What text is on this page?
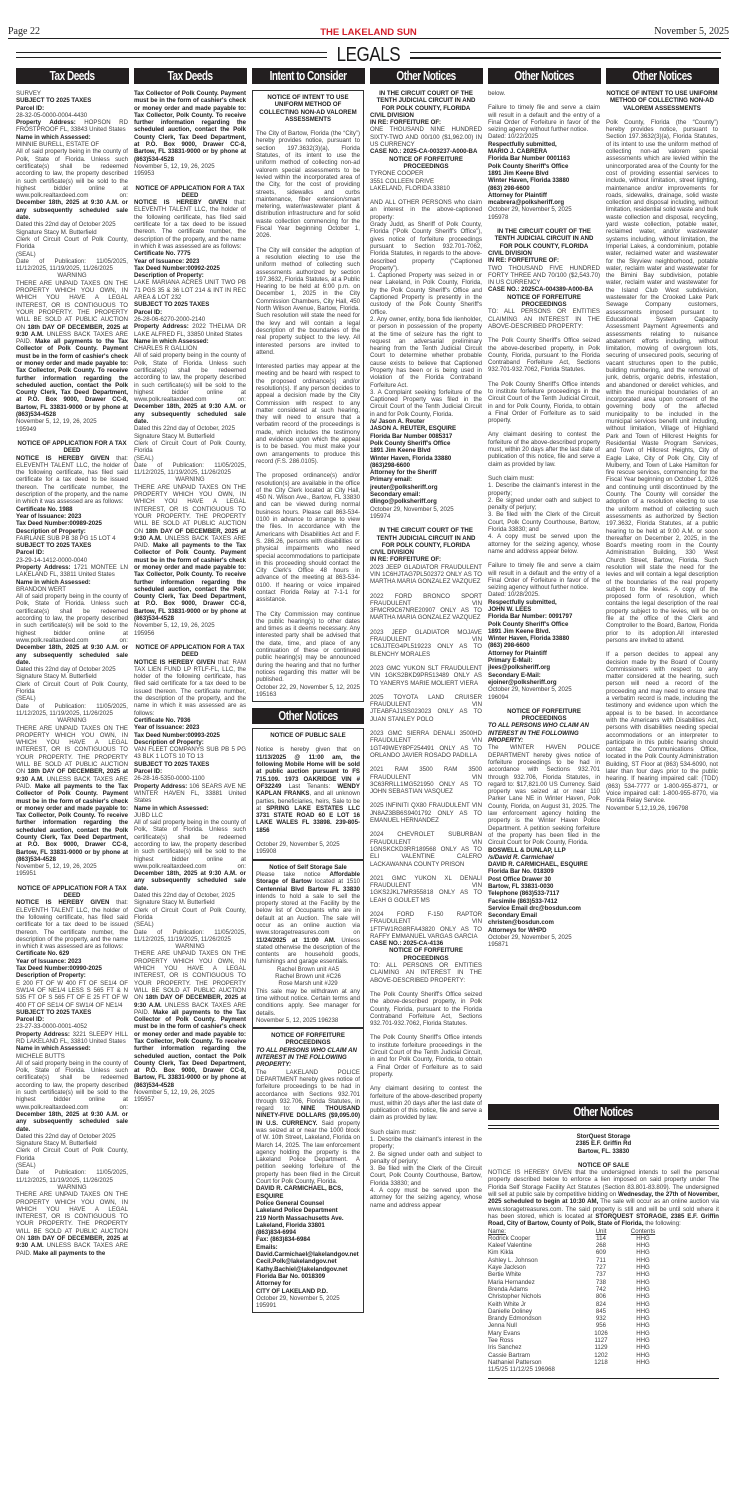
Page 22	THE LAKELAND SUN	November 5, 2025
LEGALS
Tax Deeds	Tax Deeds	Intent to Consider	Other Notices	Other Notices	Other Notices
SURVEY
SUBJECT TO 2025 TAXES
Parcel ID:
28-32-05-0000-0004-4430
Property Address: HOPSON RD FROSTPROOF FL, 33843 United States
Name in which Assessed:
MINNIE BURELL, ESTATE OF
All of said property being in the county of Polk, State of Florida. Unless such certificate(s) shall be redeemed according to law, the property described in such certificate(s) will be sold to the highest bidder online at www.polk.realtaxdeed.com on: December 18th, 2025 at 9:30 A.M. or any subsequently scheduled sale date.
Dated this 22nd day of October 2025
Signature Stacy M. Butterfield
Clerk of Circuit Court of Polk County, Florida
(SEAL)
Date of Publication: 11/05/2025, 11/12/2025, 11/19/2025, 11/26/2025
WARNING
THERE ARE UNPAID TAXES ON THE PROPERTY WHICH YOU OWN, IN WHICH YOU HAVE A LEGAL INTEREST, OR IS CONTIGUOUS TO YOUR PROPERTY. THE PROPERTY WILL BE SOLD AT PUBLIC AUCTION ON 18th DAY OF DECEMBER, 2025 at 9:30 A.M. UNLESS BACK TAXES ARE PAID. Make all payments to the Tax Collector of Polk County. Payment must be in the form of cashier's check or money order and made payable to: Tax Collector, Polk County. To receive further information regarding the scheduled auction, contact the Polk County Clerk, Tax Deed Department, at P.O. Box 9000, Drawer CC-8, Bartow, FL 33831-9000 or by phone at (863)534-4528
November 5, 12, 19, 26, 2025
195949
NOTICE OF APPLICATION FOR A TAX DEED
NOTICE IS HEREBY GIVEN that: ELEVENTH TALENT LLC, the holder of the following certificate, has filed said certificate for a tax deed to be issued thereon. The certificate number, the description of the property, and the name in which it was assessed are as follows:
Certificate No. 1988
Year of Issuance: 2023
Tax Deed Number:00989-2025
Description of Property:
FAIRLANE SUB PB 38 PG 15 LOT 4
SUBJECT TO 2025 TAXES
Parcel ID:
23-29-14-1412-0000-0040
Property Address: 1721 MONTEE LN LAKELAND FL, 33811 United States
Name in which Assessed:
BRANDON WERT
All of said property being in the county of Polk, State of Florida. Unless such certificate(s) shall be redeemed according to law, the property described in such certificate(s) will be sold to the highest bidder online at www.polk.realtaxdeed.com on: December 18th, 2025 at 9:30 A.M. or any subsequently scheduled sale date.
Dated this 22nd day of October 2025
Signature Stacy M. Butterfield
Clerk of Circuit Court of Polk County, Florida
(SEAL)
Date of Publication: 11/05/2025, 11/12/2025, 11/19/2025, 11/26/2025
WARNING
THERE ARE UNPAID TAXES ON THE PROPERTY WHICH YOU OWN, IN WHICH YOU HAVE A LEGAL INTEREST, OR IS CONTIGUOUS TO YOUR PROPERTY. THE PROPERTY WILL BE SOLD AT PUBLIC AUCTION ON 18th DAY OF DECEMBER, 2025 at 9:30 A.M. UNLESS BACK TAXES ARE PAID. Make all payments to the Tax Collector of Polk County. Payment must be in the form of cashier's check or money order and made payable to: Tax Collector, Polk County. To receive further information regarding the scheduled auction, contact the Polk County Clerk, Tax Deed Department, at P.O. Box 9000, Drawer CC-8, Bartow, FL 33831-9000 or by phone at (863)534-4528
November 5, 12, 19, 26, 2025
195951
NOTICE OF APPLICATION FOR A TAX DEED
NOTICE IS HEREBY GIVEN that: ELEVENTH TALENT LLC, the holder of the following certificate, has filed said certificate for a tax deed to be issued thereon. The certificate number, the description of the property, and the name in which it was assessed are as follows:
Certificate No. 629
Year of Issuance: 2023
Tax Deed Number:00990-2025
Description of Property:
E 200 FT OF W 400 FT OF SE1/4 OF SW1/4 OF NE1/4 LESS S 565 FT & N 535 FT OF S 565 FT OF E 25 FT OF W 400 FT OF SE1/4 OF SW1/4 OF NE1/4
SUBJECT TO 2025 TAXES
Parcel ID:
23-27-33-0000-0001-4052
Property Address: 3221 SLEEPY HILL RD LAKELAND FL, 33810 United States
Name in which Assessed:
MICHELE BUTTS
All of said property being in the county of Polk, State of Florida. Unless such certificate(s) shall be redeemed according to law, the property described in such certificate(s) will be sold to the highest bidder online at www.polk.realtaxdeed.com on: December 18th, 2025 at 9:30 A.M. or any subsequently scheduled sale date.
Dated this 22nd day of October 2025
Signature Stacy M. Butterfield
Clerk of Circuit Court of Polk County, Florida
(SEAL)
Date of Publication: 11/05/2025, 11/12/2025, 11/19/2025, 11/26/2025
WARNING
THERE ARE UNPAID TAXES ON THE PROPERTY WHICH YOU OWN, IN WHICH YOU HAVE A LEGAL INTEREST, OR IS CONTIGUOUS TO YOUR PROPERTY. THE PROPERTY WILL BE SOLD AT PUBLIC AUCTION ON 18th DAY OF DECEMBER, 2025 at 9:30 A.M. UNLESS BACK TAXES ARE PAID. Make all payments to the
Tax Collector of Polk County. Payment must be in the form of cashier's check or money order and made payable to: Tax Collector, Polk County. To receive further information regarding the scheduled auction, contact the Polk County Clerk, Tax Deed Department, at P.O. Box 9000, Drawer CC-8, Bartow, FL 33831-9000 or by phone at (863)534-4528
November 5, 12, 19, 26, 2025
195953
NOTICE OF APPLICATION FOR A TAX DEED
NOTICE IS HEREBY GIVEN that: ELEVENTH TALENT LLC, the holder of the following certificate, has filed said certificate for a tax deed to be issued thereon. The certificate number, the description of the property, and the name in which it was assessed are as follows:
Certificate No. 7775
Year of Issuance: 2023
Tax Deed Number:00992-2025
Description of Property:
LAKE MARIANA ACRES UNIT TWO PB 71 PGS 35 & 36 LOT 214 & INT IN REC AREA & LOT 232
SUBJECT TO 2025 TAXES
Parcel ID:
26-28-06-6270-2000-2140
Property Address: 2022 THELMA DR LAKE ALFRED FL, 33850 United States
Name in which Assessed:
CHARLES R GALLION
All of said property being in the county of Polk, State of Florida. Unless such certificate(s) shall be redeemed according to law, the property described in such certificate(s) will be sold to the highest bidder online at www.polk.realtaxdeed.com on: December 18th, 2025 at 9:30 A.M. or any subsequently scheduled sale date.
Dated this 22nd day of October, 2025
Signature Stacy M. Butterfield
Clerk of Circuit Court of Polk County, Florida
(SEAL)
Date of Publication: 11/05/2025, 11/12/2025, 11/19/2025, 11/26/2025
WARNING
THERE ARE UNPAID TAXES ON THE PROPERTY WHICH YOU OWN, IN WHICH YOU HAVE A LEGAL INTEREST, OR IS CONTIGUOUS TO YOUR PROPERTY. THE PROPERTY WILL BE SOLD AT PUBLIC AUCTION ON 18th DAY OF DECEMBER, 2025 at 9:30 A.M. UNLESS BACK TAXES ARE PAID. Make all payments to the Tax Collector of Polk County. Payment must be in the form of cashier's check or money order and made payable to: Tax Collector, Polk County. To receive further information regarding the scheduled auction, contact the Polk County Clerk, Tax Deed Department, at P.O. Box 9000, Drawer CC-8, Bartow, FL 33831-9000 or by phone at (863)534-4528
November 5, 12, 19, 26, 2025
195956
NOTICE OF APPLICATION FOR A TAX DEED
NOTICE IS HEREBY GIVEN that: RAM TAX LIEN FUND LP RTLF-FL, LLC, the holder of the following certificate, has filed said certificate for a tax deed to be issued thereon. The certificate number, the description of the property, and the name in which it was assessed are as follows:
Certificate No. 7936
Year of Issuance: 2023
Tax Deed Number:00993-2025
Description of Property:
VAN FLEET COMPANYS SUB PB 5 PG 43 BLK 1 LOTS 10 TO 13
SUBJECT TO 2025 TAXES
Parcel ID:
26-28-16-5350-0000-1100
Property Address: 106 SEARS AVE NE WINTER HAVEN FL, 33881 United States
Name in which Assessed:
JUBD LLC
All of said property being in the county of Polk, State of Florida. Unless such certificate(s) shall be redeemed according to law, the property described in such certificate(s) will be sold to the highest bidder online at www.polk.realtaxdeed.com on: December 18th, 2025 at 9:30 A.M. or any subsequently scheduled sale date.
Dated this 22nd day of October, 2025
Signature Stacy M. Butterfield
Clerk of Circuit Court of Polk County, Florida
(SEAL)
Date of Publication: 11/05/2025, 11/12/2025, 11/19/2025, 11/26/2025
WARNING
THERE ARE UNPAID TAXES ON THE PROPERTY WHICH YOU OWN, IN WHICH YOU HAVE A LEGAL INTEREST, OR IS CONTIGUOUS TO YOUR PROPERTY. THE PROPERTY WILL BE SOLD AT PUBLIC AUCTION ON 18th DAY OF DECEMBER, 2025 at 9:30 A.M. UNLESS BACK TAXES ARE PAID. Make all payments to the Tax Collector of Polk County. Payment must be in the form of cashier's check or money order and made payable to: Tax Collector, Polk County. To receive further information regarding the scheduled auction, contact the Polk County Clerk, Tax Deed Department, at P.O. Box 9000, Drawer CC-8, Bartow, FL 33831-9000 or by phone at (863)534-4528
November 5, 12, 19, 26, 2025
195957
NOTICE OF INTENT TO USE UNIFORM METHOD OF COLLECTING NON-AD VALOREM ASSESSMENTS
The City of Bartow, Florida (the “City”) hereby provides notice, pursuant to section 197.3632(3)(a), Florida Statutes, of its intent to use the uniform method of collecting non-ad valorem special assessments to be levied within the incorporated area of the City, for the cost of providing streets, sidewalks and curbs maintenance, fiber extension/smart metering, water/wastewater plant & distribution infrastructure and for solid waste collection commencing for the Fiscal Year beginning October 1, 2026.
The City will consider the adoption of a resolution electing to use the uniform method of collecting such assessments authorized by section 197.3632, Florida Statutes, at a Public Hearing to be held at 6:00 p.m. on December 1, 2025 in the City Commission Chambers, City Hall, 450 North Wilson Avenue, Bartow, Florida. Such resolution will state the need for the levy and will contain a legal description of the boundaries of the real property subject to the levy. All interested persons are invited to attend.
Interested parties may appear at the meeting and be heard with respect to the proposed ordinance(s) and/or resolution(s). If any person decides to appeal a decision made by the City Commission with respect to any matter considered at such hearing, they will need to ensure that a verbatim record of the proceedings is made, which includes the testimony and evidence upon which the appeal is to be based. You must make your own arrangements to produce this record (F.S. 286.0105).
The proposed ordinance(s) and/or resolution(s) are available in the office of the City Clerk located at City Hall, 450 N. Wilson Ave., Bartow, FL 33830 and can be viewed during normal business hours. Please call 863-534-0100 in advance to arrange to view the files. In accordance with the Americans with Disabilities Act and F. S. 286.26, persons with disabilities or physical impairments who need special accommodations to participate in this proceeding should contact the City Clerk's Office 48 hours in advance of the meeting at 863-534-0100. If hearing or voice impaired contact Florida Relay at 7-1-1 for assistance.
The City Commission may continue the public hearing(s) to other dates and times as it deems necessary. Any interested party shall be advised that the date, time, and place of any continuation of these or continued public hearing(s) may be announced during the hearing and that no further notices regarding this matter will be published.
October 22, 29, November 5, 12, 2025 195163
Other Notices
NOTICE OF PUBLIC SALE
Notice is hereby given that on 11/13/2025 @ 11:00 am, the following Mobile Home will be sold at public auction pursuant to FS 715.109. 1973 OAKRIDGE VIN # OF32249 Last Tenants: WENDY KAPLAN FRANKS, and all unknown parties, beneficiaries, heirs, Sale to be at SPRING LAKE ESTATES LLC 3731 STATE ROAD 60 E LOT 16 LAKE WALES FL 33898. 239-805-1856
October 29, November 5, 2025
195908
Notice of Self Storage Sale
Please take notice Affordable Storage of Bartow located at 1510 Centennial Blvd Bartow FL 33830 intends to hold a sale to sell the property stored at the Facility by the below list of Occupants who are in default at an Auction. The sale will occur as an online auction via www.storagetreasures.com on 11/24/2025 at 11:00 AM. Unless stated otherwise the description of the contents are household goods, furnishings and garage essentials.
Rachel Brown unit #A5
Rachel Brown unit #C26
Rose Marsh unit #J29
This sale may be withdrawn at any time without notice. Certain terms and conditions apply. See manager for details.
November 5, 12, 2025 196238
NOTICE OF FORFEITURE PROCEEDINGS
TO ALL PERSONS WHO CLAIM AN INTEREST IN THE FOLLOWING PROPERTY:
The LAKELAND POLICE DEPARTMENT hereby gives notice of forfeiture proceedings to be had in accordance with Sections 932.701 through 932.706, Florida Statutes, in regard to: NINE THOUSAND NINETY-FIVE DOLLARS ($9,095.00) IN U.S. CURRENCY. Said property was seized at or near the 1000 block of W. 10th Street, Lakeland, Florida on March 14, 2025. The law enforcement agency holding the property is the Lakeland Police Department. A petition seeking forfeiture of the property has been filed in the Circuit Court for Polk County, Florida.
DAVID R. CARMICHAEL, BCS, ESQUIRE
Police General Counsel
Lakeland Police Department
219 North Massachusetts Ave.
Lakeland, Florida 33801
(863)834-6994
Fax: (863)834-6984
Emails:
David.Carmichael@lakelandgov.net
Cecil.Polk@lakelandgov.net
Kathy.Bachiel@lakelandgov.net
Florida Bar No. 0018309
Attorney for
CITY OF LAKELAND P.D.
October 29, November 5, 2025
195991
IN THE CIRCUIT COURT OF THE TENTH JUDICIAL CIRCUIT IN AND FOR POLK COUNTY, FLORIDA
CIVIL DIVISION
IN RE: FORFEITURE OF:
ONE THOUSAND NINE HUNDRED SIXTY-TWO AND 00/100 ($1,962.00) IN US CURRENCY
CASE NO.: 2025-CA-003237-A000-BA
NOTICE OF FORFEITURE PROCEEDINGS
TYRONE COOPER
3551 COLLEEN DRIVE
LAKELAND, FLORIDA 33810
AND ALL OTHER PERSONS who claim an interest in the above-captioned property:
Grady Judd, as Sheriff of Polk County, Florida (“Polk County Sheriff's Office”), gives notice of forfeiture proceedings pursuant to Section 932.701-7062, Florida Statutes, in regards to the above-described property (“Captioned Property”).
1. Captioned Property was seized in or near Lakeland, in Polk County, Florida, by the Polk County Sheriff's Office and Captioned Property is presently in the custody of the Polk County Sheriff's Office.
2. Any owner, entity, bona fide lienholder, or person in possession of the property at the time of seizure has the right to request an adversarial preliminary hearing from the Tenth Judicial Circuit Court to determine whether probable cause exists to believe that Captioned Property has been or is being used in violation of the Florida Contraband Forfeiture Act.
3. A Complaint seeking forfeiture of the Captioned Property was filed in the Circuit Court of the Tenth Judicial Circuit in and for Polk County, Florida.
/s/ Jason A. Reuter
JASON A. REUTER, ESQUIRE
Florida Bar Number 0085317
Polk County Sheriff's Office
1891 Jim Keene Blvd
Winter Haven, Florida 33880
(863)298-6600
Attorney for the Sheriff
Primary email:
jreuter@polksheriff.org
Secondary email:
dlingo@polksheriff.org
October 29, November 5, 2025
195974
IN THE CIRCUIT COURT OF THE TENTH JUDICIAL CIRCUIT IN AND FOR POLK COUNTY, FLORIDA
CIVIL DIVISION
IN RE: FORFEITURE OF:
2023 JEEP GLADIATOR FRAUDULENT VIN 1C6HJTAG7PL502372 ONLY AS TO MARTHA MARIA GONZALEZ VAZQUEZ
2022 FORD BRONCO SPORT FRAUDULENT VIN 3FMCR9C67NRE20907 ONLY AS TO MARTHA MARIA GONZALEZ VAZQUEZ
2023 JEEP GLADIATOR MOJAVE FRAUDULENT VIN 1C6JJTEG4PL519223 ONLY AS TO BLENCHY MORALES
2023 GMC YUKON SLT FRAUDULENT VIN 1GKS2BKD9PR513489 ONLY AS TO YANERYS MARIE MOLIERT VIERA
2025 TOYOTA LAND CRUISER FRAUDULENT VIN JTEABFAJ1SS023023 ONLY AS TO JUAN STANLEY POLO
2023 GMC SIERRA DENALI 3500HD FRAUDULENT VIN 1GT49WEY8PF254491 ONLY AS TO ORLANDO JAVIER ROSADO PADILLA
2021 RAM 3500 RAM 3500 FRAUDULENT VIN 3C63RRLL1MG521950 ONLY AS TO JOHN SEBASTIAN VASQUEZ
2025 INFINITI QX80 FRAUDULENT VIN JN8AZ3BB6S9401792 ONLY AS TO EMANUEL HERNANDEZ
2024 CHEVROLET SUBURBAN FRAUDULENT VIN 1GNSKCKD3RR189568 ONLY AS TO ELI VALENTINE CALERO LACKAWANNA COUNTY PRISON
2021 GMC YUKON XL DENALI FRAUDULENT VIN 1GKS2JKL7MR355818 ONLY AS TO LEAH G GOULET MS
2024 FORD F-150 RAPTOR FRAUDULENT VIN 1FTFW1RG8RFA43820 ONLY AS TO RAFFY EMMANUEL VARGAS GARCIA
CASE NO.: 2025-CA-4136
NOTICE OF FORFEITURE PROCEEDINGS
TO: ALL PERSONS OR ENTITIES CLAIMING AN INTEREST IN THE ABOVE-DESCRIBED PROPERTY:
The Polk County Sheriff's Office seized the above-described property, in Polk County, Florida, pursuant to the Florida Contraband Forfeiture Act, Sections 932.701-932.7062, Florida Statutes.
The Polk County Sheriff's Office intends to institute forfeiture proceedings in the Circuit Court of the Tenth Judicial Circuit, in and for Polk County, Florida, to obtain a Final Order of Forfeiture as to said property.
Any claimant desiring to contest the forfeiture of the above-described property must, within 20 days after the last date of publication of this notice, file and serve a claim as provided by law.
Such claim must:
1. Describe the claimant's interest in the property;
2. Be signed under oath and subject to penalty of perjury;
3. Be filed with the Clerk of the Circuit Court, Polk County Courthouse, Bartow, Florida 33830; and
4. A copy must be served upon the attorney for the seizing agency, whose name and address appear
below.
Failure to timely file and serve a claim will result in a default and the entry of a Final Order of Forfeiture in favor of the seizing agency without further notice.
Dated: 10/22/2025
Respectfully submitted,
MARIO J. CABRERA
Florida Bar Number 0001163
Polk County Sheriff's Office
1891 Jim Keene Blvd
Winter Haven, Florida 33880
(863) 298-6600
Attorney for Plaintiff
mcabrera@polksheriff.org
October 29, November 5, 2025
195978
IN THE CIRCUIT COURT OF THE TENTH JUDICIAL CIRCUIT IN AND FOR POLK COUNTY, FLORIDA
CIVIL DIVISION
IN RE: FORFEITURE OF:
TWO THOUSAND FIVE HUNDRED FORTY THREE AND 70/100 ($2,543.70) IN US CURRENCY
CASE NO.: 2025CA-004389-A000-BA
NOTICE OF FORFEITURE PROCEEDINGS
TO: ALL PERSONS OR ENTITIES CLAIMING AN INTEREST IN THE ABOVE-DESCRIBED PROPERTY:
The Polk County Sheriff's Office seized the above-described property, in Polk County, Florida, pursuant to the Florida Contraband Forfeiture Act, Sections 932.701-932.7062, Florida Statutes.
The Polk County Sheriff's Office intends to institute forfeiture proceedings in the Circuit Court of the Tenth Judicial Circuit, in and for Polk County, Florida, to obtain a Final Order of Forfeiture as to said property.
Any claimant desiring to contest the forfeiture of the above-described property must, within 20 days after the last date of publication of this notice, file and serve a claim as provided by law.
Such claim must:
1. Describe the claimant's interest in the property;
2. Be signed under oath and subject to penalty of perjury;
3. Be filed with the Clerk of the Circuit Court, Polk County Courthouse, Bartow, Florida 33830; and
4. A copy must be served upon the attorney for the seizing agency, whose name and address appear below.
Failure to timely file and serve a claim will result in a default and the entry of a Final Order of Forfeiture in favor of the seizing agency without further notice.
Dated: 10/28/2025.
Respectfully submitted,
JOHN W. LEES
Florida Bar Number: 0091797
Polk County Sheriff's Office
1891 Jim Keene Blvd.
Winter Haven, Florida 33880
(863) 298-6600
Attorney for Plaintiff
Primary E-Mail:
jlees@polksheriff.org
Secondary E-Mail:
ejoiner@polksheriff.org
October 29, November 5, 2025
196094
NOTICE OF FORFEITURE PROCEEDINGS
TO ALL PERSONS WHO CLAIM AN INTEREST IN THE FOLLOWING PROPERTY:
The WINTER HAVEN POLICE DEPARTMENT hereby gives notice of forfeiture proceedings to be had in accordance with Sections 932.701 through 932.706, Florida Statutes, in regard to: $17,821.00 US Currency. Said property was seized at or near 110 Parker Lane NE in Winter Haven, Polk County, Florida, on August 31, 2025. The law enforcement agency holding the property is the Winter Haven Police Department. A petition seeking forfeiture of the property has been filed in the Circuit Court for Polk County, Florida.
BOSWELL & DUNLAP, LLP
/s/David R. Carmichael
DAVID R. CARMICHAEL, ESQUIRE
Florida Bar No. 018309
Post Office Drawer 30
Bartow, FL 33831-0030
Telephone (863)533-7117
Facsimile (863)533-7412
Service Email drc@bosdun.com
Secondary Email
christen@bosdun.com
Attorneys for WHPD
October 29, November 5, 2025
195871
NOTICE OF INTENT TO USE UNIFORM METHOD OF COLLECTING NON-AD VALOREM ASSESSMENTS
Polk County, Florida (the “County”) hereby provides notice, pursuant to Section 197.3632(3)(a), Florida Statutes, of its intent to use the uniform method of collecting non-ad valorem special assessments which are levied within the unincorporated area of the County for the cost of providing essential services to include, without limitation, street lighting, maintenance and/or improvements for roads, sidewalks, drainage, solid waste collection and disposal including, without limitation, residential solid waste and bulk waste collection and disposal, recycling, yard waste collection, potable water, reclaimed water, and/or wastewater systems including, without limitation, the Imperial Lakes, a condominium, potable water, reclaimed water and wastewater for the Skyview neighborhood, potable water, reclaim water and wastewater for the Bimini Bay subdivision, potable water, reclaim water and wastewater for the Island Club West subdivision, wastewater for the Crooked Lake Park Sewage Company customers, assessments imposed pursuant to Educational System Capacity Assessment Payment Agreements and assessments relating to nuisance abatement efforts including, without limitation, mowing of overgrown lots, securing of unsecured pools, securing of vacant structures open to the public, building numbering, and the removal of junk, debris, organic debris, infestation, and abandoned or derelict vehicles, and within the municipal boundaries of an incorporated area upon consent of the governing body of the affected municipality to be included in the municipal services benefit unit including, without limitation, Village of Highland Park and Town of Hillcrest Heights for Residential Waste Program Services, and Town of Hillcrest Heights, City of Eagle Lake, City of Polk City, City of Mulberry, and Town of Lake Hamilton for fire rescue services, commencing for the Fiscal Year beginning on October 1, 2026 and continuing until discontinued by the County. The County will consider the adoption of a resolution electing to use the uniform method of collecting such assessments as authorized by Section 197.3632, Florida Statutes, at a public hearing to be held at 9:00 A.M. or soon thereafter on December 2, 2025, in the Board's meeting room in the County Administration Building, 330 West Church Street, Bartow, Florida. Such resolution will state the need for the levies and will contain a legal description of the boundaries of the real property subject to the levies. A copy of the proposed form of resolution, which contains the legal description of the real property subject to the levies, will be on file at the office of the Clerk and Comptroller to the Board, Bartow, Florida prior to its adoption.All interested persons are invited to attend.
If a person decides to appeal any decision made by the Board of County Commissioners with respect to any matter considered at the hearing, such person will need a record of the proceeding and may need to ensure that a verbatim record is made, including the testimony and evidence upon which the appeal is to be based. In accordance with the Americans with Disabilities Act, persons with disabilities needing special accommodations or an interpreter to participate in this public hearing should contact the Communications Office, located in the Polk County Administration Building, ST Floor at (863) 534-6090, not later than four days prior to the public hearing. If hearing impaired call: (TDD) (863) 534-7777 or 1-800-955-8771, or Voice impaired call: 1-800-955-8770, via Florida Relay Service.
November 5,12,19,26, 196798
Other Notices
StorQuest Storage
2385 E.F. Griffin Rd
Bartow, FL. 33830
NOTICE OF SALE
NOTICE IS HEREBY GIVEN that the undersigned intends to sell the personal property described below to enforce a lien imposed on said property under The Florida Self Storage Facility Act Statutes (Section 83.801-83.809). The undersigned will sell at public sale by competitive bidding on Wednesday, the 27th of November, 2025 scheduled to begin at 10:30 AM, The sale will occur as an online auction via www.storagetreasures.com. The said property is still and will be until sold where it has been stored, which is located at STORQUEST STORAGE, 2385 E.F. Griffin Road, City of Bartow, County of Polk, State of Florida, the following:
Name:	Unit	Contents
Rodrick Cooper	114	HHG
Kaleef Valentine	268	HHG
Kim Kikla	609	HHG
Ashley L. Johnson	711	HHG
Kaye Jackson	727	HHG
Bertie White	737	HHG
Maria Hernandez	738	HHG
Brenda Adams	742	HHG
Christopher Nichols	806	HHG
Keith White Jr	824	HHG
Danielle Doliney	845	HHG
Brandy Edmondson	932	HHG
Jenna Null	956	HHG
Mary Evans	1026	HHG
Tee Ross	1127	HHG
Iris Sanchez	1129	HHG
Cassie Bartram	1202	HHG
Nathaniel Patterson	1218	HHG
11/5/25 11/12/25 196968
